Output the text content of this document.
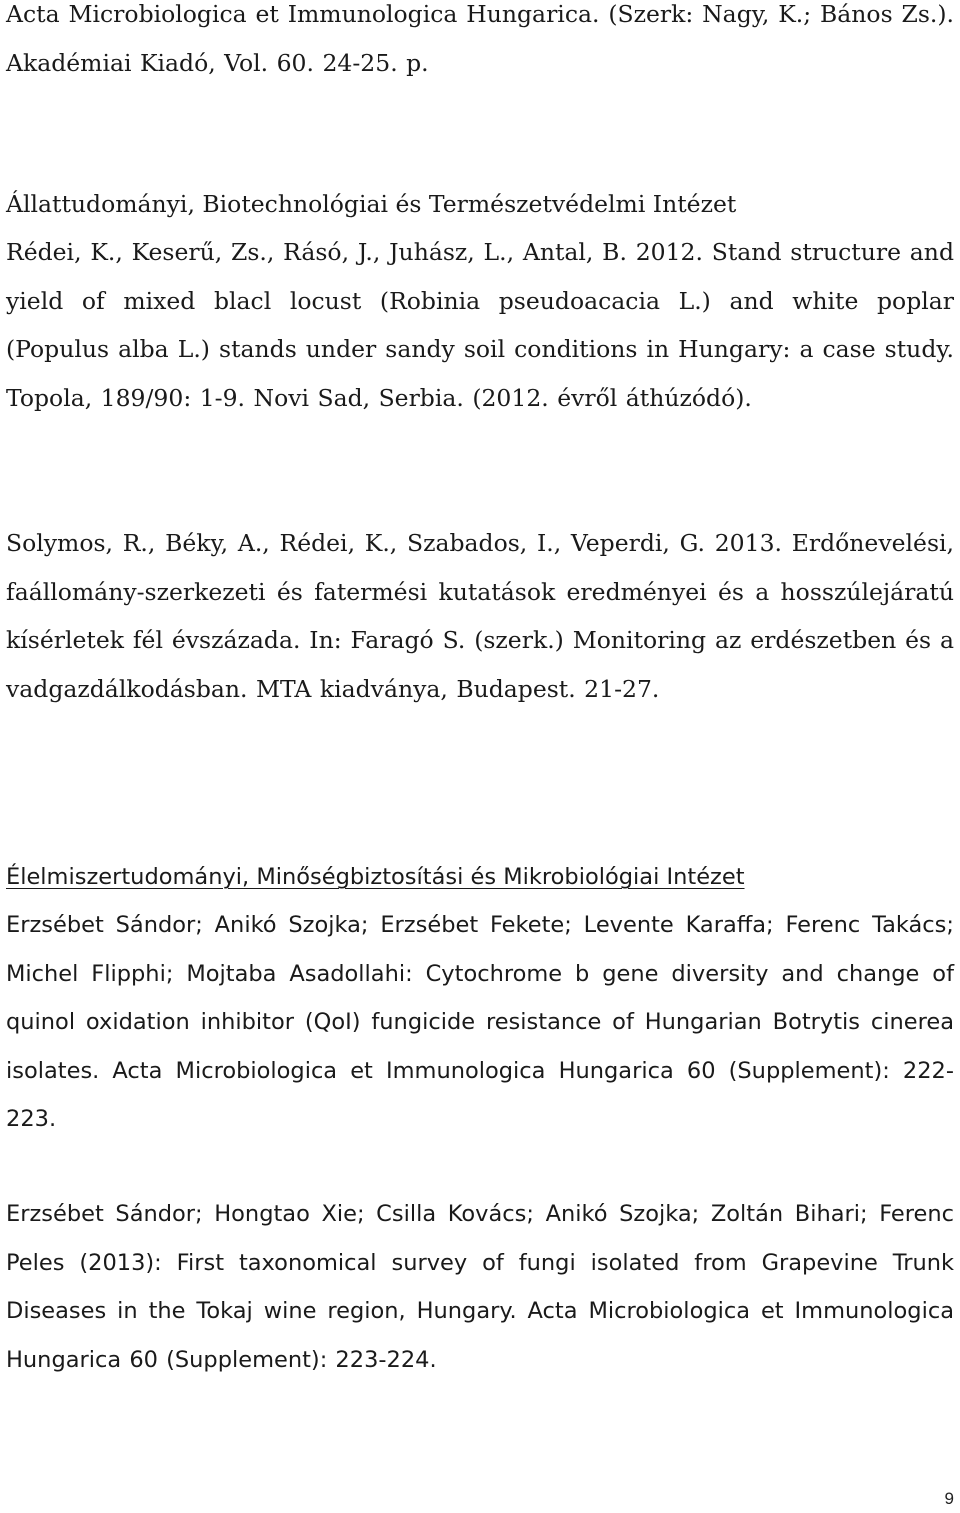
Acta Microbiologica et Immunologica Hungarica. (Szerk: Nagy, K.; Bános Zs.). Akadémiai Kiadó, Vol. 60. 24-25. p.

Állattudományi, Biotechnológiai és Természetvédelmi Intézet

Rédei, K., Keserű, Zs., Rásó, J., Juhász, L., Antal, B. 2012. Stand structure and yield of mixed blacl locust (Robinia pseudoacacia L.) and white poplar (Populus alba L.) stands under sandy soil conditions in Hungary: a case study. Topola, 189/90: 1-9. Novi Sad, Serbia. (2012. évről áthúzódó).

Solymos, R., Béky, A., Rédei, K., Szabados, I., Veperdi, G. 2013. Erdőnevelési, faállomány-szerkezeti és fatermési kutatások eredményei és a hosszúlejáratú kísérletek fél évszázada. In: Faragó S. (szerk.) Monitoring az erdészetben és a vadgazdálkodásban. MTA kiadványa, Budapest. 21-27.

Élelmiszertudományi, Minőségbiztosítási és Mikrobiológiai Intézet

Erzsébet Sándor; Anikó Szojka; Erzsébet Fekete; Levente Karaffa; Ferenc Takács; Michel Flipphi; Mojtaba Asadollahi: Cytochrome b gene diversity and change of quinol oxidation inhibitor (QoI) fungicide resistance of Hungarian Botrytis cinerea isolates. Acta Microbiologica et Immunologica Hungarica 60 (Supplement): 222-223.

Erzsébet Sándor; Hongtao Xie; Csilla Kovács; Anikó Szojka; Zoltán Bihari; Ferenc Peles (2013): First taxonomical survey of fungi isolated from Grapevine Trunk Diseases in the Tokaj wine region, Hungary. Acta Microbiologica et Immunologica Hungarica 60 (Supplement): 223-224.

9
